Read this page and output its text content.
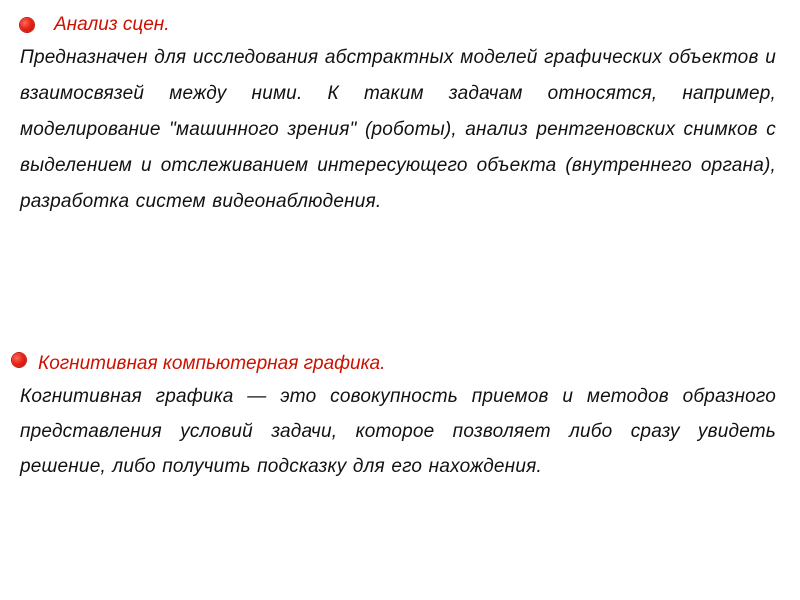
Анализ сцен.
Предназначен для исследования абстрактных моделей графических объектов и взаимосвязей между ними. К таким задачам относятся, например, моделирование "машинного зрения" (роботы), анализ рентгеновских снимков с выделением и отслеживанием интересующего объекта (внутреннего органа), разработка систем видеонаблюдения.
Когнитивная компьютерная графика.
Когнитивная графика — это совокупность приемов и методов образного представления условий задачи, которое позволяет либо сразу увидеть решение, либо получить подсказку для его нахождения.
